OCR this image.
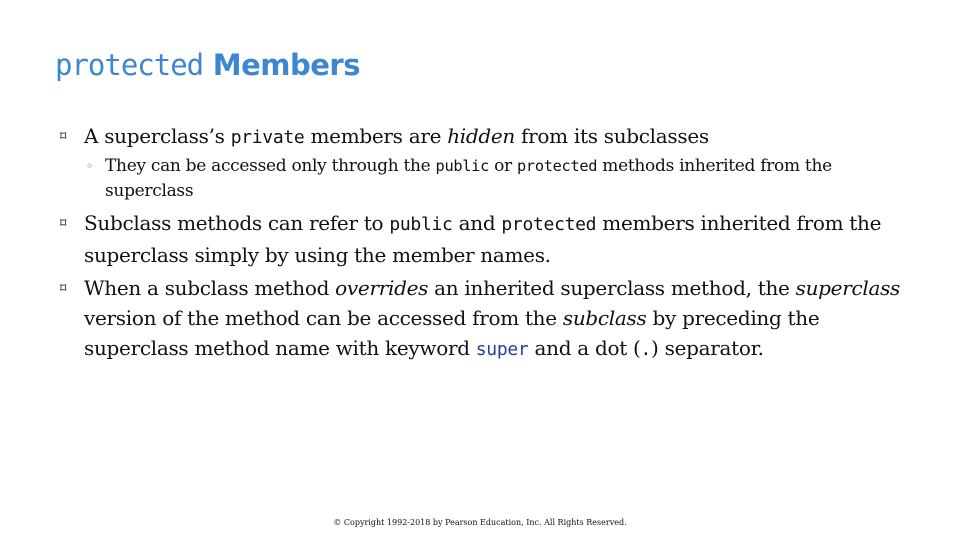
protected Members
⌑ A superclass’s private members are hidden from its subclasses
◦ They can be accessed only through the public or protected methods inherited from the superclass
⌑ Subclass methods can refer to public and protected members inherited from the superclass simply by using the member names.
⌑ When a subclass method overrides an inherited superclass method, the superclass version of the method can be accessed from the subclass by preceding the superclass method name with keyword super and a dot (.) separator.
© Copyright 1992-2018 by Pearson Education, Inc. All Rights Reserved.
